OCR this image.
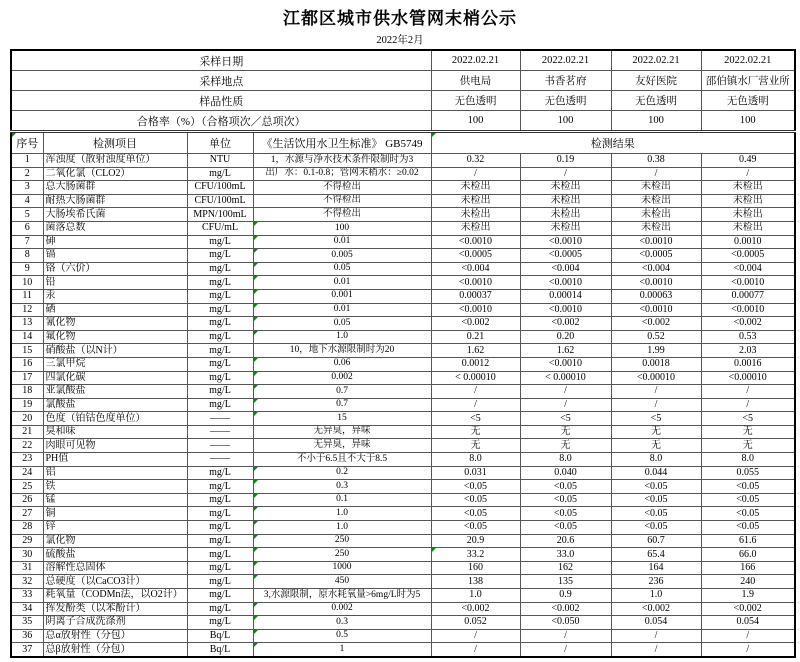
江都区城市供水管网末梢公示
2022年2月
采样日期				2022.02.21	2022.02.21	2022.02.21	2022.02.21
采样地点				供电局	书香茗府	友好医院	邵伯镇水厂营业所
样品性质				无色透明	无色透明	无色透明	无色透明
合格率（%）（合格项次／总项次）				100	100	100	100
序号	检测项目	单位	《生活饮用水卫生标准》 GB5749	检测结果			
1	浑浊度（散射浊度单位）	NTU	1，水源与净水技术条件限制时为3	0.32	0.19	0.38	0.49
2	二氧化氯（CLO2）	mg/L	出厂水：0.1-0.8；管网末稍水：≥0.02	/	/	/	/
3	总大肠菌群	CFU/100mL	不得检出	未检出	未检出	未检出	未检出
4	耐热大肠菌群	CFU/100mL	不得检出	未检出	未检出	未检出	未检出
5	大肠埃希氏菌	MPN/100mL	不得检出	未检出	未检出	未检出	未检出
6	菌落总数	CFU/mL	100	未检出	未检出	未检出	未检出
7	砷	mg/L	0.01	<0.0010	<0.0010	<0.0010	0.0010
8	镉	mg/L	0.005	<0.0005	<0.0005	<0.0005	<0.0005
9	铬（六价）	mg/L	0.05	<0.004	<0.004	<0.004	<0.004
10	铅	mg/L	0.01	<0.0010	<0.0010	<0.0010	<0.0010
11	汞	mg/L	0.001	0.00037	0.00014	0.00063	0.00077
12	硒	mg/L	0.01	<0.0010	<0.0010	<0.0010	<0.0010
13	氰化物	mg/L	0.05	<0.002	<0.002	<0.002	<0.002
14	氟化物	mg/L	1.0	0.21	0.20	0.52	0.53
15	硝酸盐（以N计）	mg/L	10，地下水源限制时为20	1.62	1.62	1.99	2.03
16	三氯甲烷	mg/L	0.06	0.0012	<0.0010	0.0018	0.0016
17	四氯化碳	mg/L	0.002	< 0.00010	< 0.00010	<0.00010	<0.00010
18	亚氯酸盐	mg/L	0.7	/	/	/	/
19	氯酸盐	mg/L	0.7	/	/	/	/
20	色度（铂钴色度单位）	——	15	<5	<5	<5	<5
21	臭和味	——	无异臭，异味	无	无	无	无
22	肉眼可见物	——	无异臭，异味	无	无	无	无
23	PH值	——	不小于6.5且不大于8.5	8.0	8.0	8.0	8.0
24	铝	mg/L	0.2	0.031	0.040	0.044	0.055
25	铁	mg/L	0.3	<0.05	<0.05	<0.05	<0.05
26	锰	mg/L	0.1	<0.05	<0.05	<0.05	<0.05
27	铜	mg/L	1.0	<0.05	<0.05	<0.05	<0.05
28	锌	mg/L	1.0	<0.05	<0.05	<0.05	<0.05
29	氯化物	mg/L	250	20.9	20.6	60.7	61.6
30	硫酸盐	mg/L	250	33.2	33.0	65.4	66.0
31	溶解性总固体	mg/L	1000	160	162	164	166
32	总硬度（以CaCO3计）	mg/L	450	138	135	236	240
33	耗氧量（CODMn法，以O2计）	mg/L	3,水源限制，原水耗氧量>6mg/L时为5	1.0	0.9	1.0	1.9
34	挥发酚类（以苯酚计）	mg/L	0.002	<0.002	<0.002	<0.002	<0.002
35	阴离子合成洗涤剂	mg/L	0.3	0.052	<0.050	0.054	0.054
36	总α放射性（分包）	Bq/L	0.5	/	/	/	/
37	总β放射性（分包）	Bq/L	1	/	/	/	/
